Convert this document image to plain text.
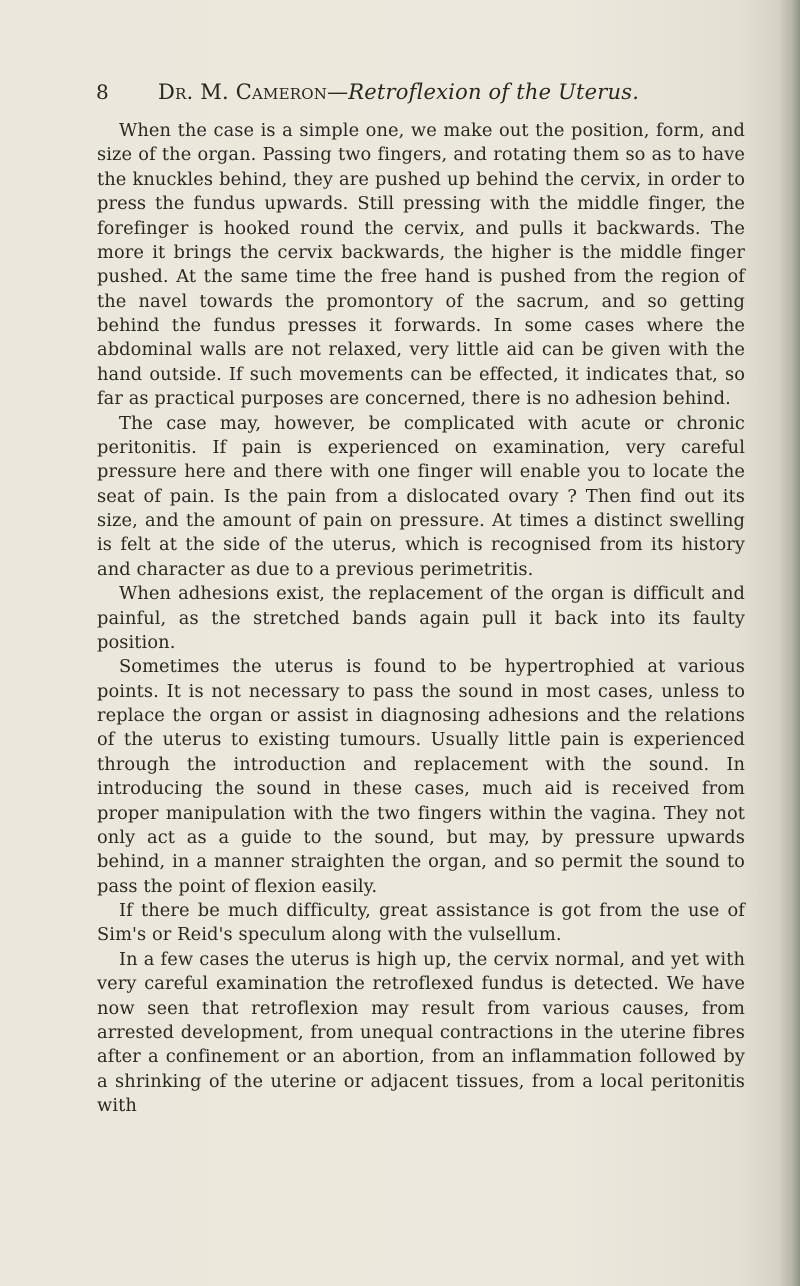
8 Dr. M. Cameron—Retroflexion of the Uterus.

When the case is a simple one, we make out the position, form, and size of the organ. Passing two fingers, and rotating them so as to have the knuckles behind, they are pushed up behind the cervix, in order to press the fundus upwards. Still pressing with the middle finger, the forefinger is hooked round the cervix, and pulls it backwards. The more it brings the cervix backwards, the higher is the middle finger pushed. At the same time the free hand is pushed from the region of the navel towards the promontory of the sacrum, and so getting behind the fundus presses it forwards. In some cases where the abdominal walls are not relaxed, very little aid can be given with the hand outside. If such movements can be effected, it indicates that, so far as practical purposes are concerned, there is no adhesion behind.

The case may, however, be complicated with acute or chronic peritonitis. If pain is experienced on examination, very careful pressure here and there with one finger will enable you to locate the seat of pain. Is the pain from a dislocated ovary ? Then find out its size, and the amount of pain on pressure. At times a distinct swelling is felt at the side of the uterus, which is recognised from its history and character as due to a previous perimetritis.

When adhesions exist, the replacement of the organ is difficult and painful, as the stretched bands again pull it back into its faulty position.

Sometimes the uterus is found to be hypertrophied at various points. It is not necessary to pass the sound in most cases, unless to replace the organ or assist in diagnosing adhesions and the relations of the uterus to existing tumours. Usually little pain is experienced through the introduction and replacement with the sound. In introducing the sound in these cases, much aid is received from proper manipulation with the two fingers within the vagina. They not only act as a guide to the sound, but may, by pressure upwards behind, in a manner straighten the organ, and so permit the sound to pass the point of flexion easily.

If there be much difficulty, great assistance is got from the use of Sim's or Reid's speculum along with the vulsellum.

In a few cases the uterus is high up, the cervix normal, and yet with very careful examination the retroflexed fundus is detected. We have now seen that retroflexion may result from various causes, from arrested development, from unequal contractions in the uterine fibres after a confinement or an abortion, from an inflammation followed by a shrinking of the uterine or adjacent tissues, from a local peritonitis with
